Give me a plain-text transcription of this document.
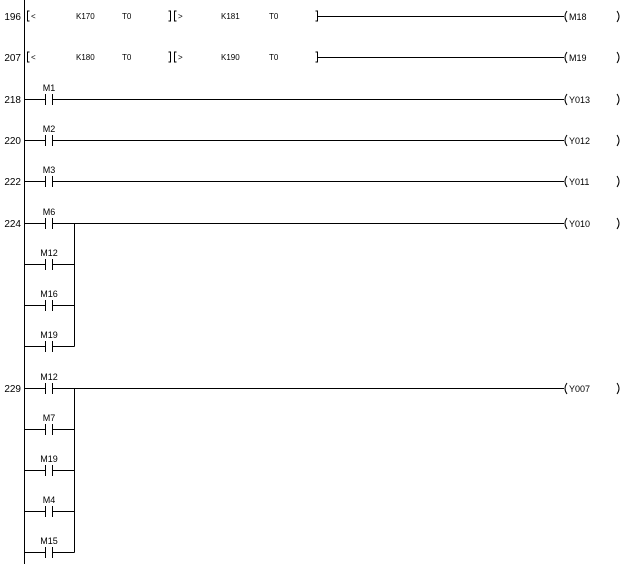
196 <	K170	T0	>	K181	T0	M18
207 <	K180	T0	>	K190	T0	M19
218
M1
Y013
220
M2
Y012
222
M3
Y011
224
M6
M12
M16
M19
Y010
229
M12
M7
M19
M4
M15
Y007
